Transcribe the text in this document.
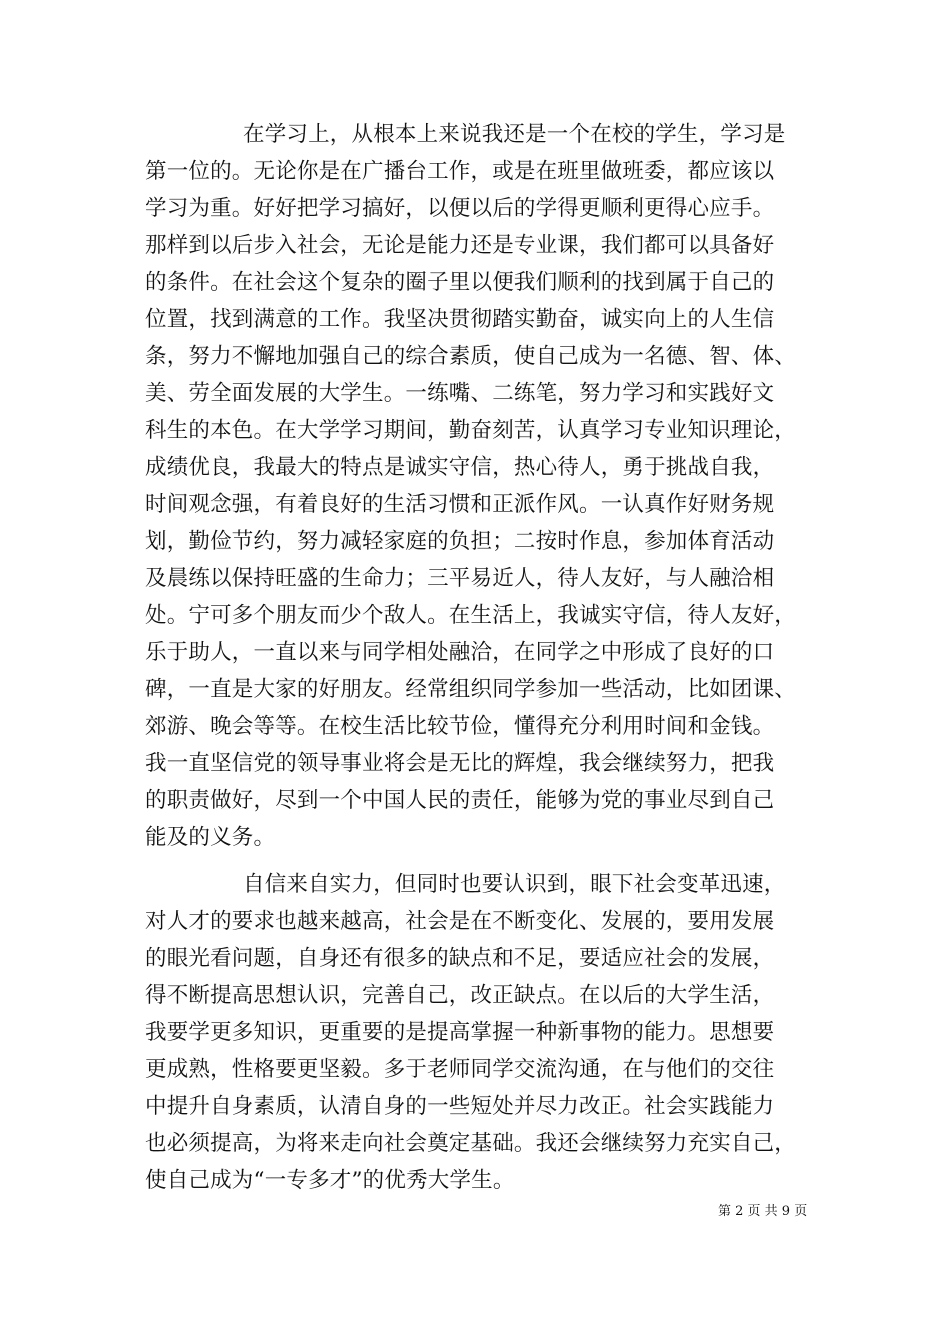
在学习上，从根本上来说我还是一个在校的学生，学习是
第一位的。无论你是在广播台工作，或是在班里做班委，都应该以
学习为重。好好把学习搞好，以便以后的学得更顺利更得心应手。
那样到以后步入社会，无论是能力还是专业课，我们都可以具备好
的条件。在社会这个复杂的圈子里以便我们顺利的找到属于自己的
位置，找到满意的工作。我坚决贯彻踏实勤奋，诚实向上的人生信
条，努力不懈地加强自己的综合素质，使自己成为一名德、智、体、
美、劳全面发展的大学生。一练嘴、二练笔，努力学习和实践好文
科生的本色。在大学学习期间，勤奋刻苦，认真学习专业知识理论，
成绩优良，我最大的特点是诚实守信，热心待人，勇于挑战自我，
时间观念强，有着良好的生活习惯和正派作风。一认真作好财务规
划，勤俭节约，努力减轻家庭的负担；二按时作息，参加体育活动
及晨练以保持旺盛的生命力；三平易近人，待人友好，与人融洽相
处。宁可多个朋友而少个敌人。在生活上，我诚实守信，待人友好，
乐于助人，一直以来与同学相处融洽，在同学之中形成了良好的口
碑，一直是大家的好朋友。经常组织同学参加一些活动，比如团课、
郊游、晚会等等。在校生活比较节俭，懂得充分利用时间和金钱。
我一直坚信党的领导事业将会是无比的辉煌，我会继续努力，把我
的职责做好，尽到一个中国人民的责任，能够为党的事业尽到自己
能及的义务。
自信来自实力，但同时也要认识到，眼下社会变革迅速，
对人才的要求也越来越高，社会是在不断变化、发展的，要用发展
的眼光看问题，自身还有很多的缺点和不足，要适应社会的发展，
得不断提高思想认识，完善自己，改正缺点。在以后的大学生活，
我要学更多知识，更重要的是提高掌握一种新事物的能力。思想要
更成熟，性格要更坚毅。多于老师同学交流沟通，在与他们的交往
中提升自身素质，认清自身的一些短处并尽力改正。社会实践能力
也必须提高，为将来走向社会奠定基础。我还会继续努力充实自己，
使自己成为“一专多才”的优秀大学生。
第 2 页 共 9 页
